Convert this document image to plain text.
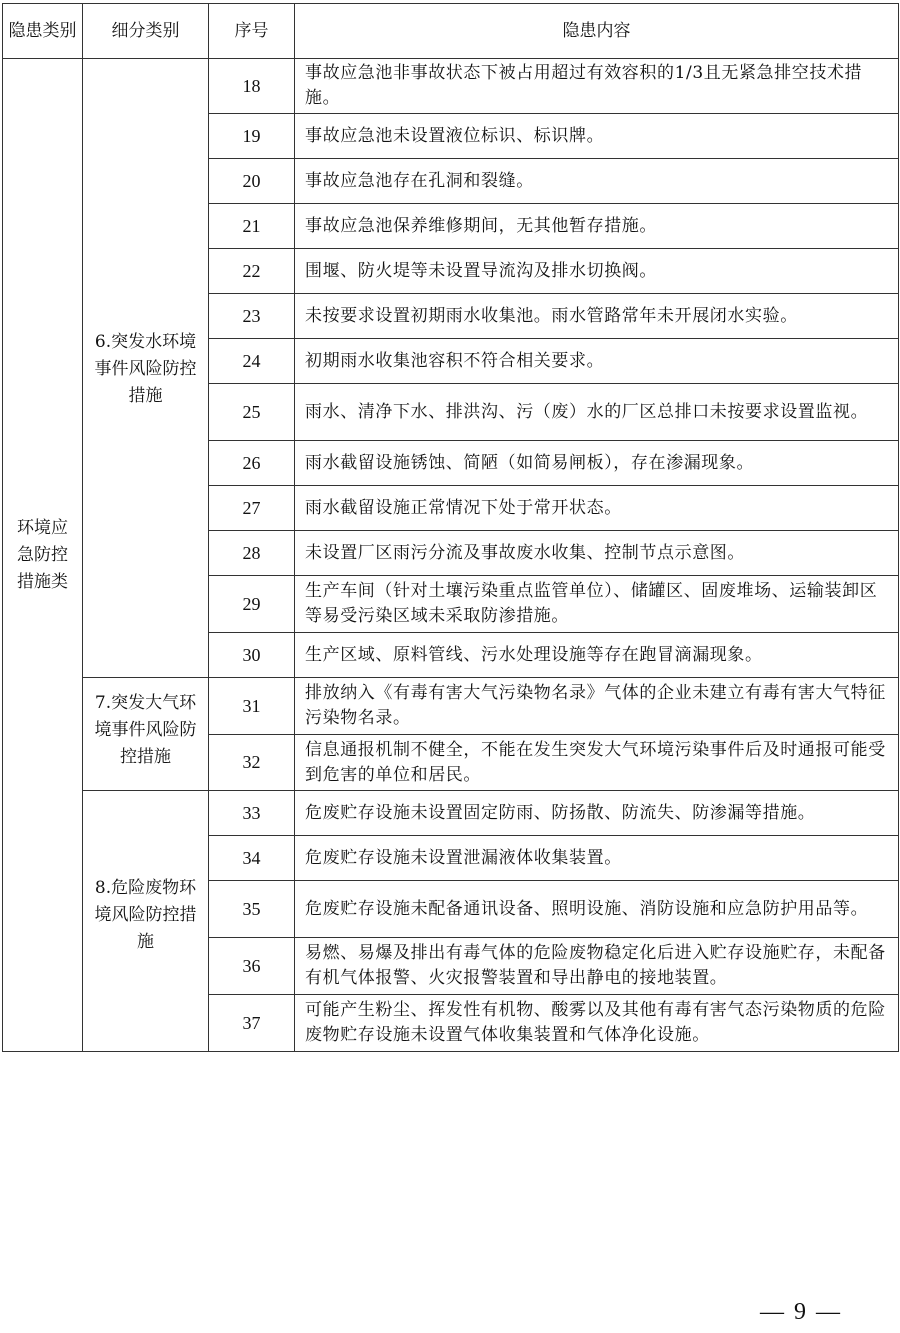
隐患类别	细分类别	序号	隐患内容
环境应急防控措施类	6.突发水环境事件风险防控措施	18	事故应急池非事故状态下被占用超过有效容积的1/3且无紧急排空技术措施。
		19	事故应急池未设置液位标识、标识牌。
		20	事故应急池存在孔洞和裂缝。
		21	事故应急池保养维修期间，无其他暂存措施。
		22	围堰、防火堤等未设置导流沟及排水切换阀。
		23	未按要求设置初期雨水收集池。雨水管路常年未开展闭水实验。
		24	初期雨水收集池容积不符合相关要求。
		25	雨水、清净下水、排洪沟、污（废）水的厂区总排口未按要求设置监视。
		26	雨水截留设施锈蚀、简陋（如简易闸板），存在渗漏现象。
		27	雨水截留设施正常情况下处于常开状态。
		28	未设置厂区雨污分流及事故废水收集、控制节点示意图。
		29	生产车间（针对土壤污染重点监管单位）、储罐区、固废堆场、运输装卸区等易受污染区域未采取防渗措施。
		30	生产区域、原料管线、污水处理设施等存在跑冒滴漏现象。

	7.突发大气环境事件风险防控措施	31	排放纳入《有毒有害大气污染物名录》气体的企业未建立有毒有害大气特征污染物名录。
		32	信息通报机制不健全，不能在发生突发大气环境污染事件后及时通报可能受到危害的单位和居民。

	8.危险废物环境风险防控措施	33	危废贮存设施未设置固定防雨、防扬散、防流失、防渗漏等措施。
		34	危废贮存设施未设置泄漏液体收集装置。
		35	危废贮存设施未配备通讯设备、照明设施、消防设施和应急防护用品等。
		36	易燃、易爆及排出有毒气体的危险废物稳定化后进入贮存设施贮存，未配备有机气体报警、火灾报警装置和导出静电的接地装置。
		37	可能产生粉尘、挥发性有机物、酸雾以及其他有毒有害气态污染物质的危险废物贮存设施未设置气体收集装置和气体净化设施。
— 9 —
